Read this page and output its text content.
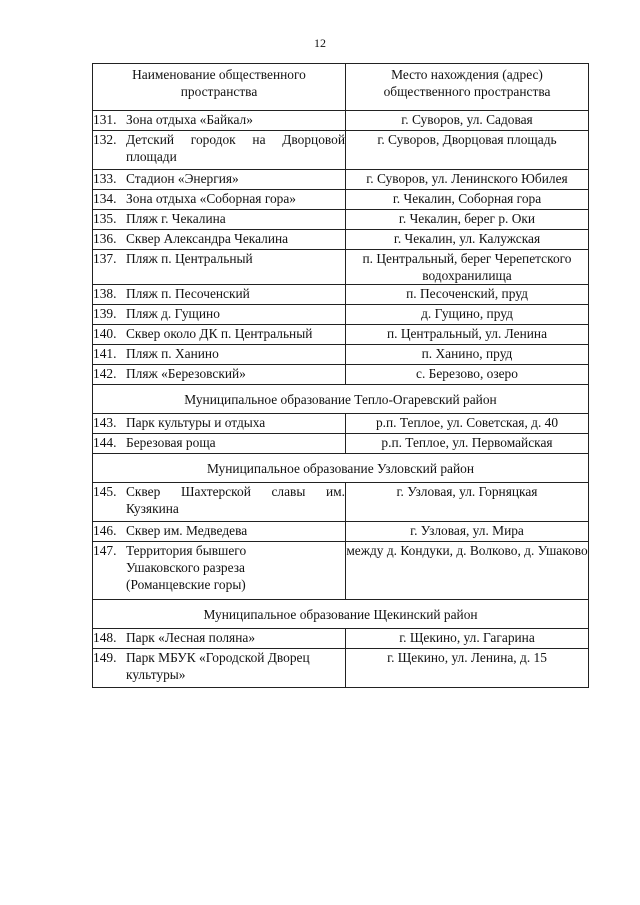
12
Наименование общественного пространства	Место нахождения (адрес) общественного пространства

131. Зона отдыха «Байкал»	г. Суворов, ул. Садовая

132. Детский городок на Дворцовой
площади	г. Суворов, Дворцовая площадь

133. Стадион «Энергия»	г. Суворов, ул. Ленинского Юбилея

134. Зона отдыха «Соборная гора»	г. Чекалин, Соборная гора

135. Пляж г. Чекалина	г. Чекалин, берег р. Оки

136. Сквер Александра Чекалина	г. Чекалин, ул. Калужская

137. Пляж п. Центральный	п. Центральный, берег Черепетского водохранилища

138. Пляж п. Песоченский	п. Песоченский, пруд

139. Пляж д. Гущино	д. Гущино, пруд

140. Сквер около ДК п. Центральный	п. Центральный, ул. Ленина

141. Пляж п. Ханино	п. Ханино, пруд

142. Пляж «Березовский»	с. Березово, озеро
Муниципальное образование Тепло-Огаревский район	

143. Парк культуры и отдыха	р.п. Теплое, ул. Советская, д. 40

144. Березовая роща	р.п. Теплое, ул. Первомайская
Муниципальное образование Узловский район	

145. Сквер Шахтерской славы им.
Кузякина	г. Узловая, ул. Горняцкая

146. Сквер им. Медведева	г. Узловая, ул. Мира

147. Территория бывшего
Ушаковского разреза
(Романцевские горы)	между д. Кондуки, д. Волково, д. Ушаково
Муниципальное образование Щекинский район	

148. Парк «Лесная поляна»	г. Щекино, ул. Гагарина

149. Парк МБУК «Городской Дворец
культуры»	г. Щекино, ул. Ленина, д. 15
